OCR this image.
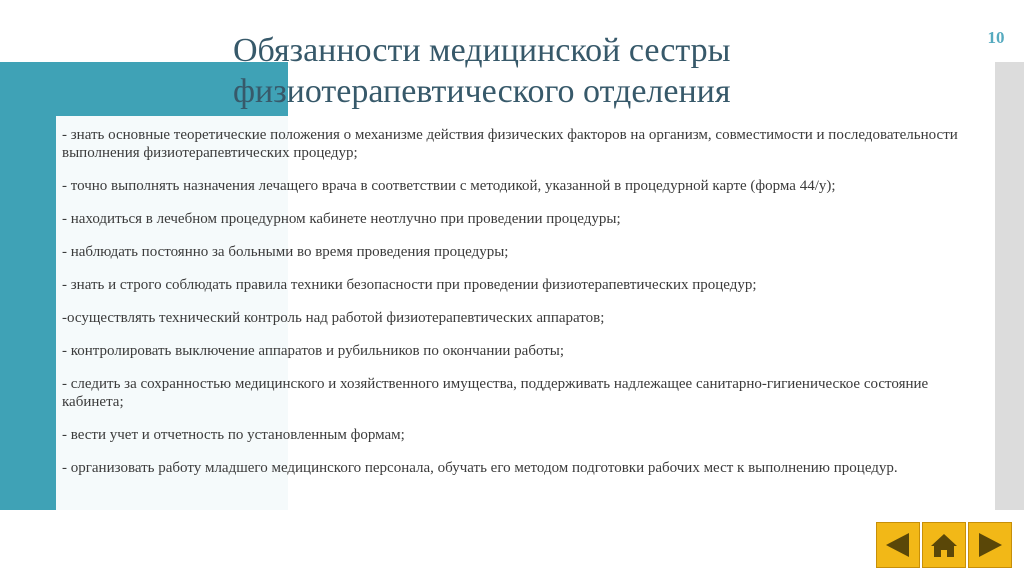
10
Обязанности медицинской сестры
физиотерапевтического отделения
- знать основные теоретические положения о механизме действия физических факторов на организм, совместимости и последовательности выполнения физиотерапевтических процедур;
- точно выполнять назначения лечащего врача в соответствии с методикой, указанной в процедурной карте (форма 44/у);
- находиться в лечебном процедурном кабинете неотлучно при проведении процедуры;
- наблюдать постоянно за больными во время проведения процедуры;
- знать и строго соблюдать правила техники безопасности при проведении физиотерапевтических процедур;
-осуществлять технический контроль над работой физиотерапевтических аппаратов;
- контролировать выключение аппаратов и рубильников по окончании работы;
- следить за сохранностью медицинского и хозяйственного имущества, поддерживать надлежащее санитарно-гигиеническое состояние кабинета;
- вести учет и отчетность по установленным формам;
- организовать работу младшего медицинского персонала, обучать его методом подготовки рабочих мест к выполнению процедур.
